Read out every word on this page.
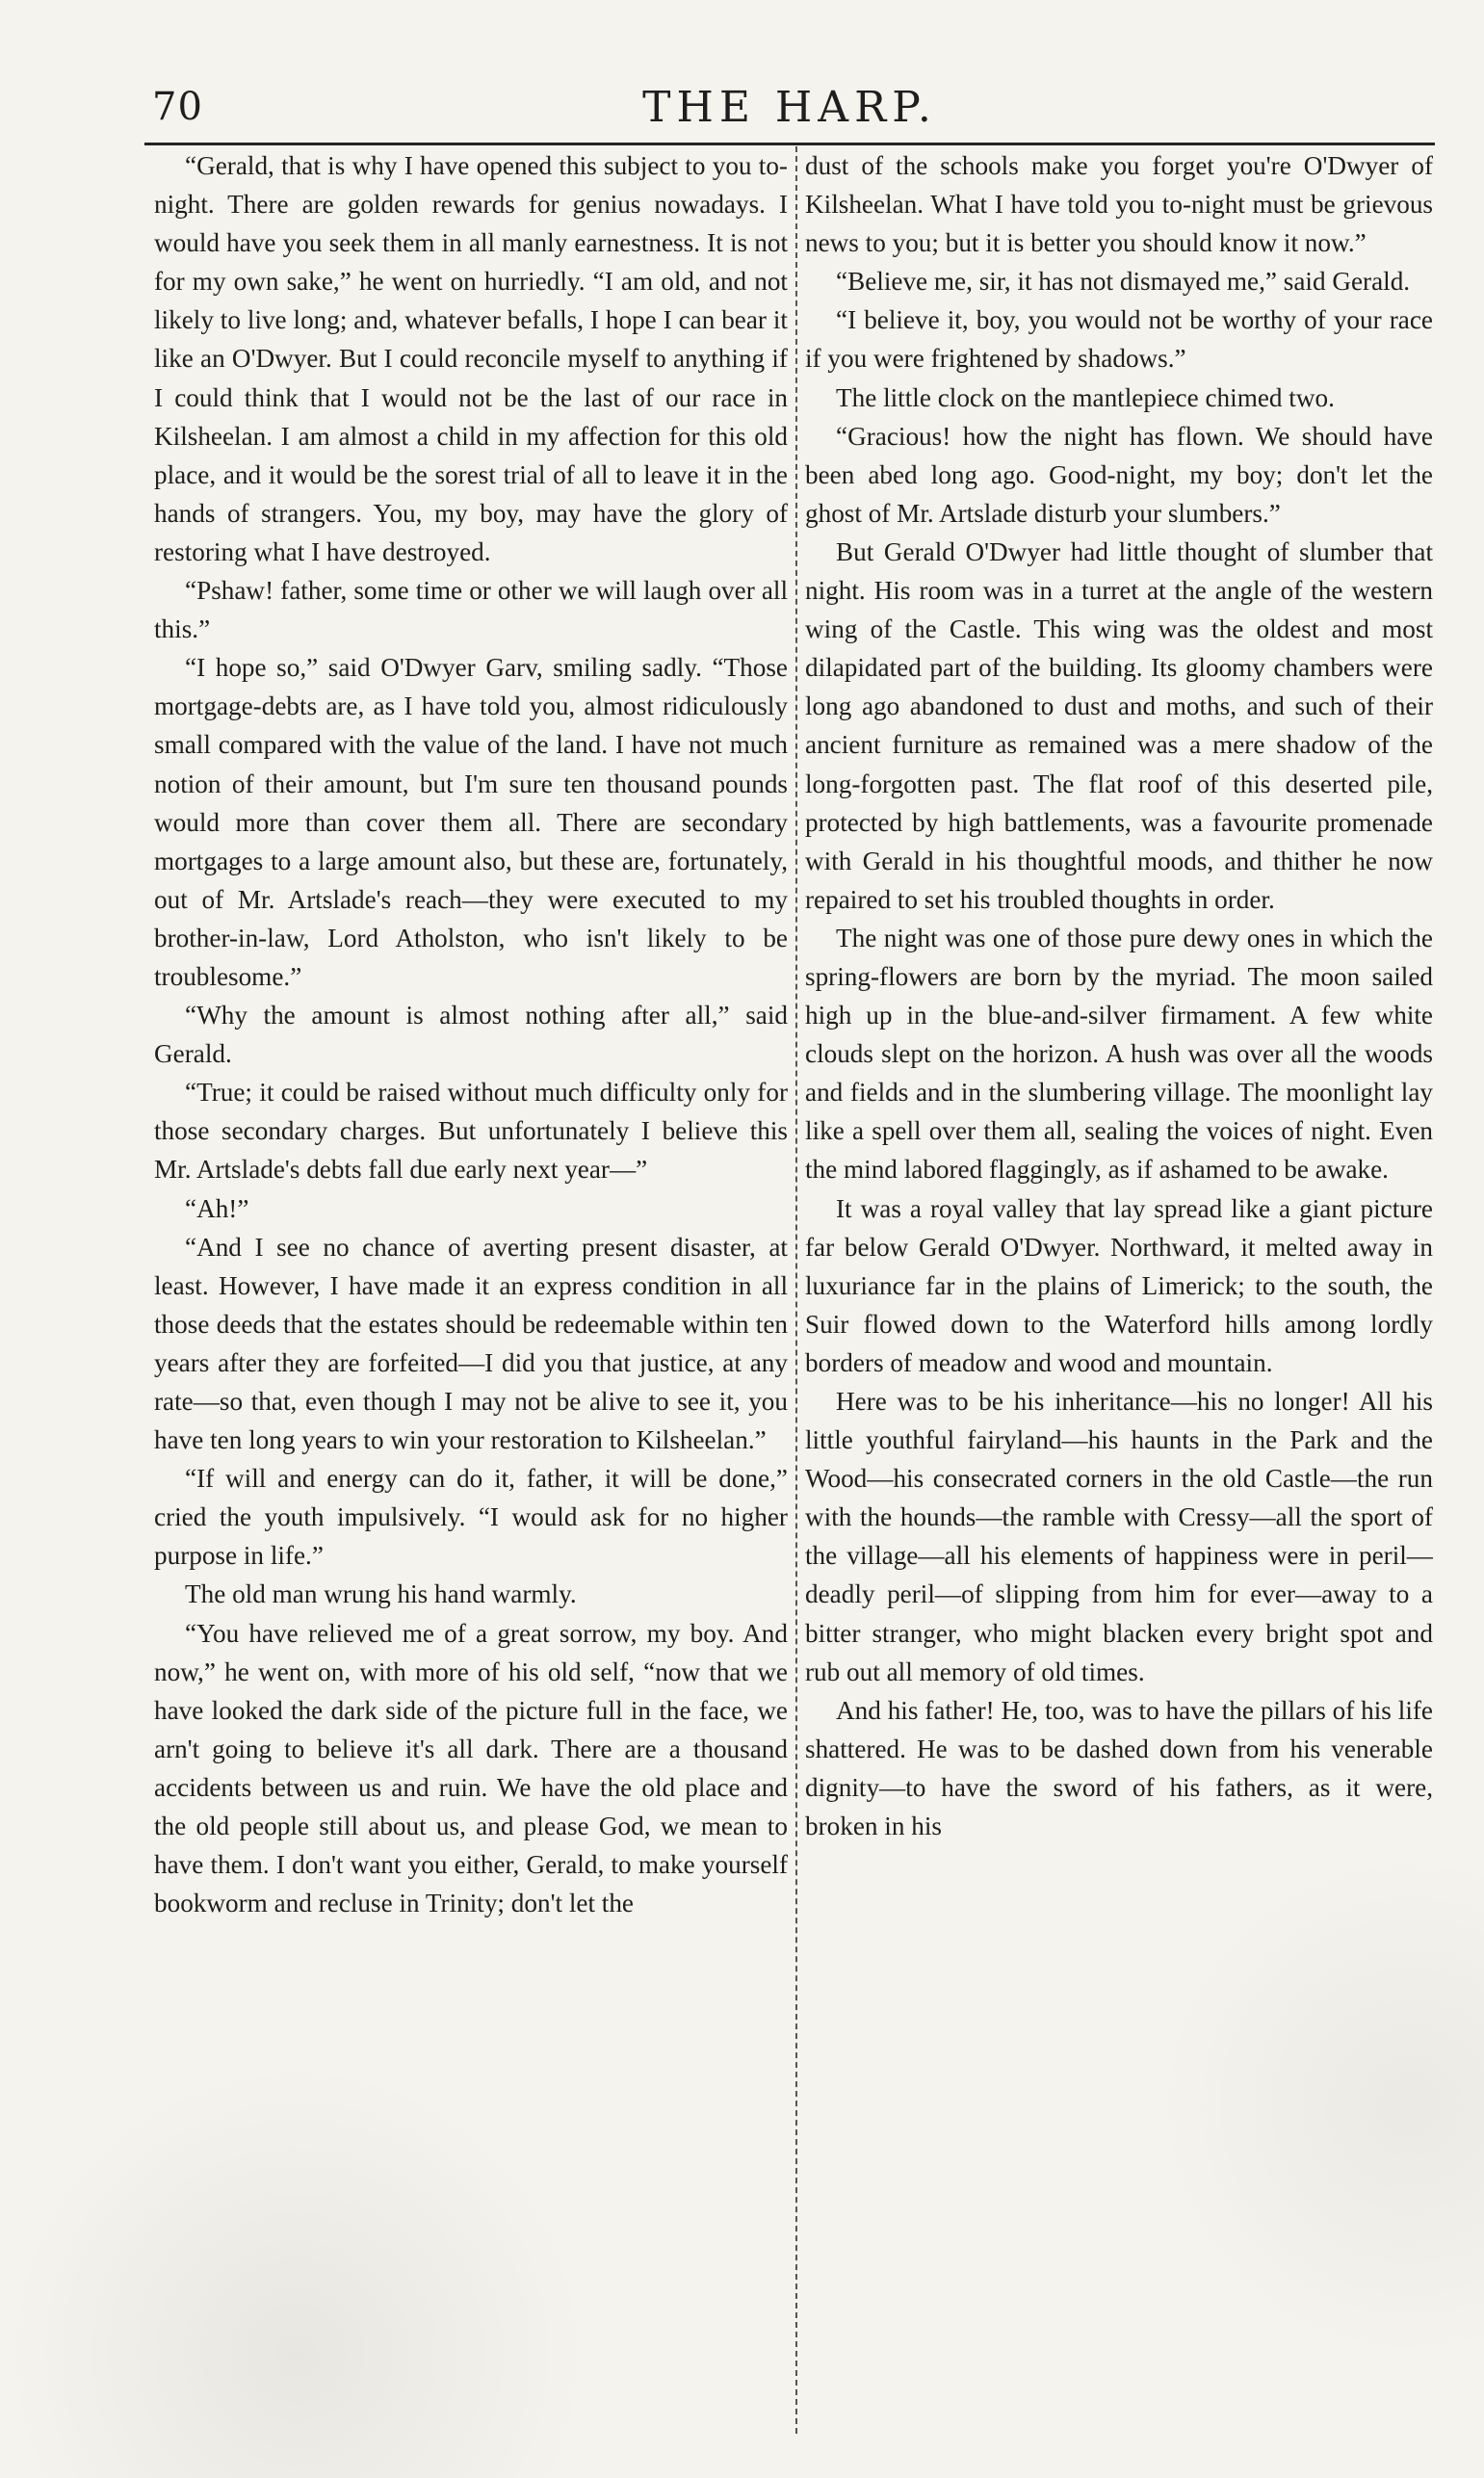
70	THE HARP.

“Gerald, that is why I have opened this subject to you to-night. There are golden rewards for genius nowadays. I would have you seek them in all manly earnestness. It is not for my own sake,” he went on hurriedly. “I am old, and not likely to live long; and, whatever befalls, I hope I can bear it like an O'Dwyer. But I could reconcile myself to anything if I could think that I would not be the last of our race in Kilsheelan. I am almost a child in my affection for this old place, and it would be the sorest trial of all to leave it in the hands of strangers. You, my boy, may have the glory of restoring what I have destroyed.

“Pshaw! father, some time or other we will laugh over all this.”

“I hope so,” said O'Dwyer Garv, smiling sadly. “Those mortgage-debts are, as I have told you, almost ridiculously small compared with the value of the land. I have not much notion of their amount, but I'm sure ten thousand pounds would more than cover them all. There are secondary mortgages to a large amount also, but these are, fortunately, out of Mr. Artslade's reach—they were executed to my brother-in-law, Lord Atholston, who isn't likely to be troublesome.”

“Why the amount is almost nothing after all,” said Gerald.

“True; it could be raised without much difficulty only for those secondary charges. But unfortunately I believe this Mr. Artslade's debts fall due early next year—”

“Ah!”

“And I see no chance of averting present disaster, at least. However, I have made it an express condition in all those deeds that the estates should be redeemable within ten years after they are forfeited—I did you that justice, at any rate—so that, even though I may not be alive to see it, you have ten long years to win your restoration to Kilsheelan.”

“If will and energy can do it, father, it will be done,” cried the youth impulsively. “I would ask for no higher purpose in life.”

The old man wrung his hand warmly.

“You have relieved me of a great sorrow, my boy. And now,” he went on, with more of his old self, “now that we have looked the dark side of the picture full in the face, we arn't going to believe it's all dark. There are a thousand accidents between us and ruin. We have the old place and the old people still about us, and please God, we mean to have them. I don't want you either, Gerald, to make yourself bookworm and recluse in Trinity; don't let the

dust of the schools make you forget you're O'Dwyer of Kilsheelan. What I have told you to-night must be grievous news to you; but it is better you should know it now.”

“Believe me, sir, it has not dismayed me,” said Gerald.

“I believe it, boy, you would not be worthy of your race if you were frightened by shadows.”

The little clock on the mantlepiece chimed two.

“Gracious! how the night has flown. We should have been abed long ago. Good-night, my boy; don't let the ghost of Mr. Artslade disturb your slumbers.”

But Gerald O'Dwyer had little thought of slumber that night. His room was in a turret at the angle of the western wing of the Castle. This wing was the oldest and most dilapidated part of the building. Its gloomy chambers were long ago abandoned to dust and moths, and such of their ancient furniture as remained was a mere shadow of the long-forgotten past. The flat roof of this deserted pile, protected by high battlements, was a favourite promenade with Gerald in his thoughtful moods, and thither he now repaired to set his troubled thoughts in order.

The night was one of those pure dewy ones in which the spring-flowers are born by the myriad. The moon sailed high up in the blue-and-silver firmament. A few white clouds slept on the horizon. A hush was over all the woods and fields and in the slumbering village. The moonlight lay like a spell over them all, sealing the voices of night. Even the mind labored flaggingly, as if ashamed to be awake.

It was a royal valley that lay spread like a giant picture far below Gerald O'Dwyer. Northward, it melted away in luxuriance far in the plains of Limerick; to the south, the Suir flowed down to the Waterford hills among lordly borders of meadow and wood and mountain.

Here was to be his inheritance—his no longer! All his little youthful fairyland—his haunts in the Park and the Wood—his consecrated corners in the old Castle—the run with the hounds—the ramble with Cressy—all the sport of the village—all his elements of happiness were in peril—deadly peril—of slipping from him for ever—away to a bitter stranger, who might blacken every bright spot and rub out all memory of old times.

And his father! He, too, was to have the pillars of his life shattered. He was to be dashed down from his venerable dignity—to have the sword of his fathers, as it were, broken in his
